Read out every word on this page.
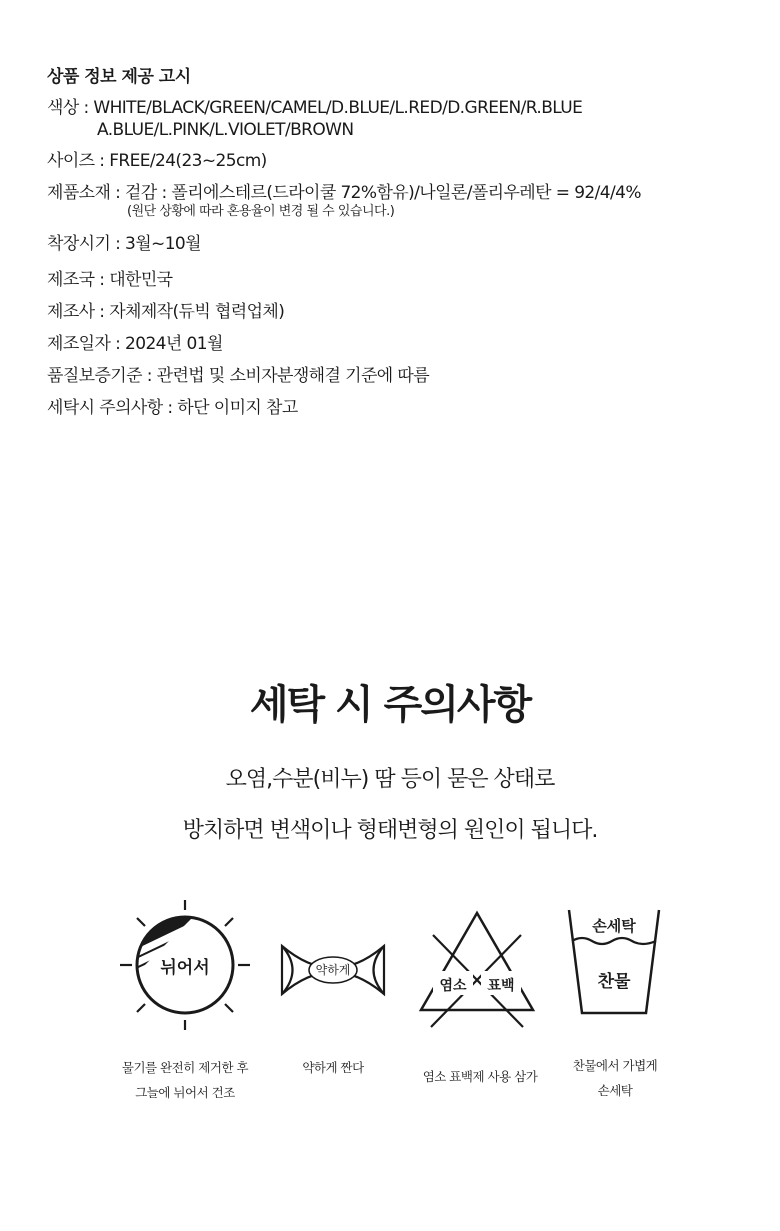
상품 정보 제공 고시
색상 : WHITE/BLACK/GREEN/CAMEL/D.BLUE/L.RED/D.GREEN/R.BLUE
A.BLUE/L.PINK/L.VIOLET/BROWN
사이즈 : FREE/24(23~25cm)
제품소재 : 겉감 : 폴리에스테르(드라이쿨 72%함유)/나일론/폴리우레탄 = 92/4/4%
(원단 상황에 따라 혼용율이 변경 될 수 있습니다.)
착장시기 : 3월~10월
제조국 : 대한민국
제조사 : 자체제작(듀빅 협력업체)
제조일자 : 2024년 01월
품질보증기준 : 관련법 및 소비자분쟁해결 기준에 따름
세탁시 주의사항 : 하단 이미지 참고
세탁 시 주의사항
오염,수분(비누) 땀 등이 묻은 상태로
방치하면 변색이나 형태변형의 원인이 됩니다.
뉘어서	약하게
염소 표백
손세탁
찬물
물기를 완전히 제거한 후
그늘에 뉘어서 건조
약하게 짠다
염소 표백제 사용 삼가
찬물에서 가볍게
손세탁
